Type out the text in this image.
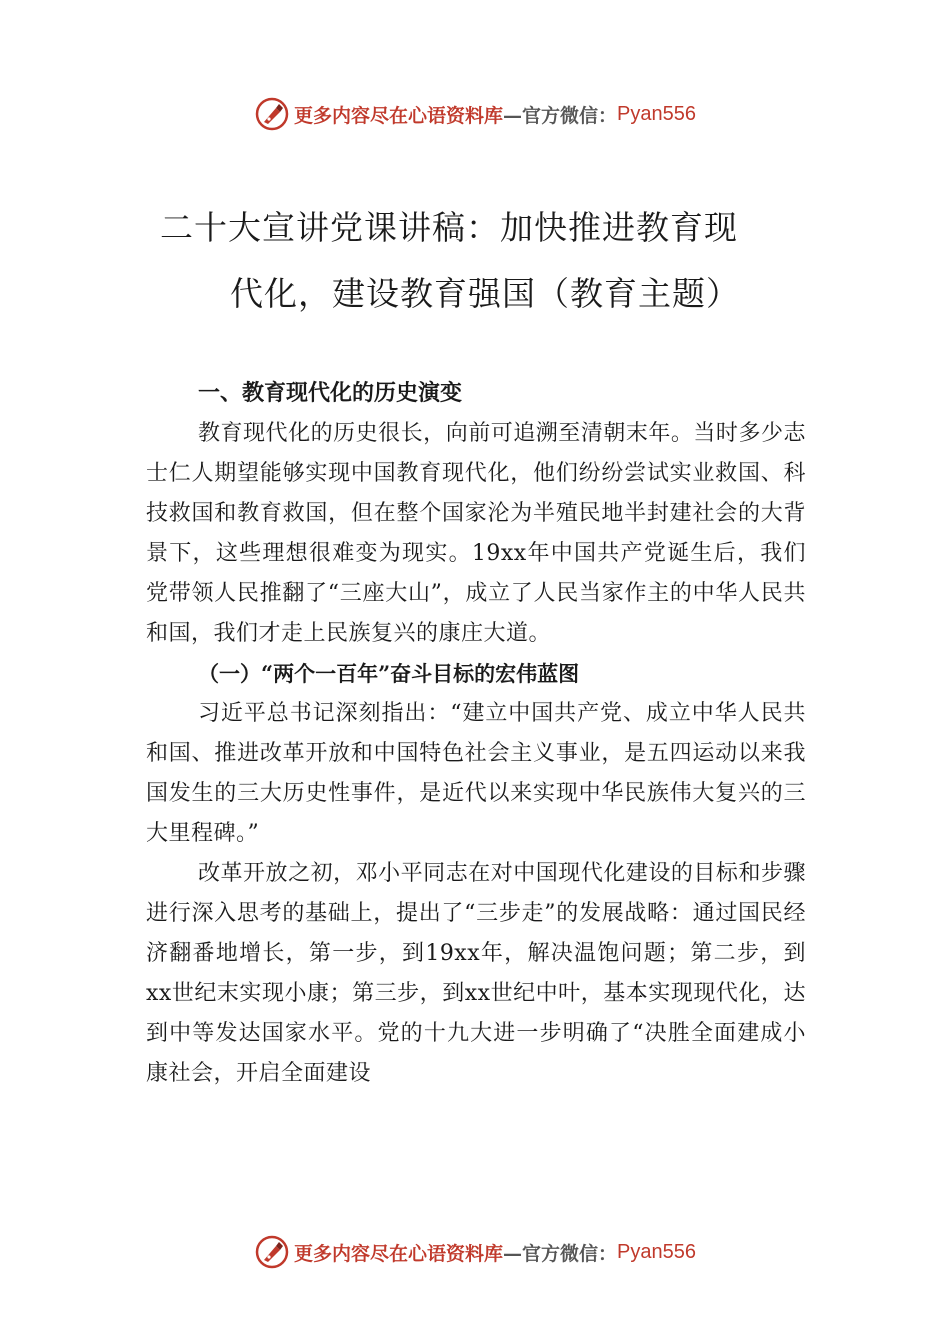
更多内容尽在心语资料库 —官方微信： Pyan556
二十大宣讲党课讲稿：加快推进教育现
代化，建设教育强国（教育主题）

一、教育现代化的历史演变

教育现代化的历史很长，向前可追溯至清朝末年。当时多少志士仁人期望能够实现中国教育现代化，他们纷纷尝试实业救国、科技救国和教育救国，但在整个国家沦为半殖民地半封建社会的大背景下，这些理想很难变为现实。19xx年中国共产党诞生后，我们党带领人民推翻了“三座大山”，成立了人民当家作主的中华人民共和国，我们才走上民族复兴的康庄大道。

（一）“两个一百年”奋斗目标的宏伟蓝图

习近平总书记深刻指出：“建立中国共产党、成立中华人民共和国、推进改革开放和中国特色社会主义事业，是五四运动以来我国发生的三大历史性事件，是近代以来实现中华民族伟大复兴的三大里程碑。”

改革开放之初，邓小平同志在对中国现代化建设的目标和步骤进行深入思考的基础上，提出了“三步走”的发展战略：通过国民经济翻番地增长，第一步，到19xx年，解决温饱问题；第二步，到xx世纪末实现小康；第三步，到xx世纪中叶，基本实现现代化，达到中等发达国家水平。党的十九大进一步明确了“决胜全面建成小康社会，开启全面建设

更多内容尽在心语资料库 —官方微信： Pyan556
